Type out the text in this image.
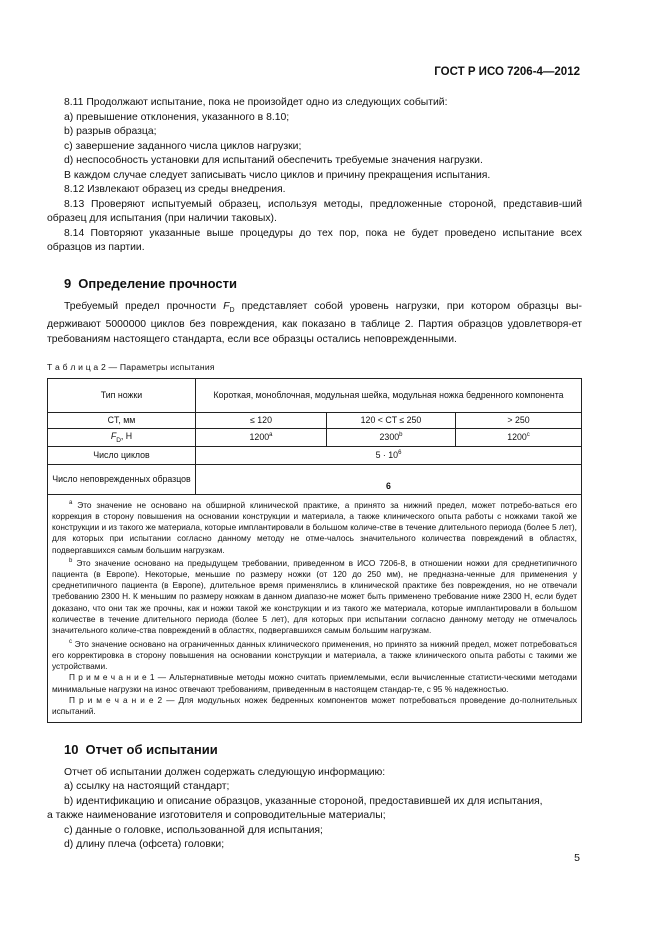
ГОСТ Р ИСО 7206-4—2012

8.11 Продолжают испытание, пока не произойдет одно из следующих событий:

a) превышение отклонения, указанного в 8.10;

b) разрыв образца;

c) завершение заданного числа циклов нагрузки;

d) неспособность установки для испытаний обеспечить требуемые значения нагрузки.

В каждом случае следует записывать число циклов и причину прекращения испытания.

8.12 Извлекают образец из среды внедрения.

8.13 Проверяют испытуемый образец, используя методы, предложенные стороной, представив-ший образец для испытания (при наличии таковых).

8.14 Повторяют указанные выше процедуры до тех пор, пока не будет проведено испытание всех образцов из партии.

9 Определение прочности

Требуемый предел прочности $F_D$ представляет собой уровень нагрузки, при котором образцы вы-держивают 5000000 циклов без повреждения, как показано в таблице 2. Партия образцов удовлетворя-ет требованиям настоящего стандарта, если все образцы остались неповрежденными.

Т а б л и ц а 2 — Параметры испытания

Тип ножки	Короткая, моноблочная, модульная шейка, модульная ножка бедренного компонента		
CT, мм	≤ 120	120 < CT ≤ 250	> 250
$F_D$, Н	1200$^a$	2300$^b$	1200$^c$
Число циклов	$5 \cdot 10^6$
Число неповрежденных образцов	6		

$^a$ Это значение не основано на обширной клинической практике, а принято за нижний предел, может потребо-ваться его коррекция в сторону повышения на основании конструкции и материала, а также клинического опыта работы с ножками такой же конструкции и из такого же материала, которые имплантировали в большом количе-стве в течение длительного периода (более 5 лет), для которых при испытании согласно данному методу не отме-чалось значительного количества повреждений в областях, подвергавшихся самым большим нагрузкам.

$^b$ Это значение основано на предыдущем требовании, приведенном в ИСО 7206-8, в отношении ножки для среднетипичного пациента (в Европе). Некоторые, меньшие по размеру ножки (от 120 до 250 мм), не предназна-ченные для применения у среднетипичного пациента (в Европе), длительное время применялись в клинической практике без повреждения, но не отвечали требованию 2300 Н. К меньшим по размеру ножкам в данном диапазо-не может быть применено требование ниже 2300 Н, если будет доказано, что они так же прочны, как и ножки такой же конструкции и из такого же материала, которые имплантировали в большом количестве в течение длительного периода (более 5 лет), для которых при испытании согласно данному методу не отмечалось значительного количе-ства повреждений в областях, подвергавшихся самым большим нагрузкам.

$^c$ Это значение основано на ограниченных данных клинического применения, но принято за нижний предел, может потребоваться его корректировка в сторону повышения на основании конструкции и материала, а также клинического опыта работы с такими же устройствами.

П р и м е ч а н и е 1 — Альтернативные методы можно считать приемлемыми, если вычисленные статисти-ческими методами минимальные нагрузки на износ отвечают требованиям, приведенным в настоящем стандар-те, с 95 % надежностью.

П р и м е ч а н и е 2 — Для модульных ножек бедренных компонентов может потребоваться проведение до-полнительных испытаний.			

10 Отчет об испытании

Отчет об испытании должен содержать следующую информацию:

a) ссылку на настоящий стандарт;

b) идентификацию и описание образцов, указанные стороной, предоставившей их для испытания,

а также наименование изготовителя и сопроводительные материалы;

c) данные о головке, использованной для испытания;

d) длину плеча (офсета) головки;

5
